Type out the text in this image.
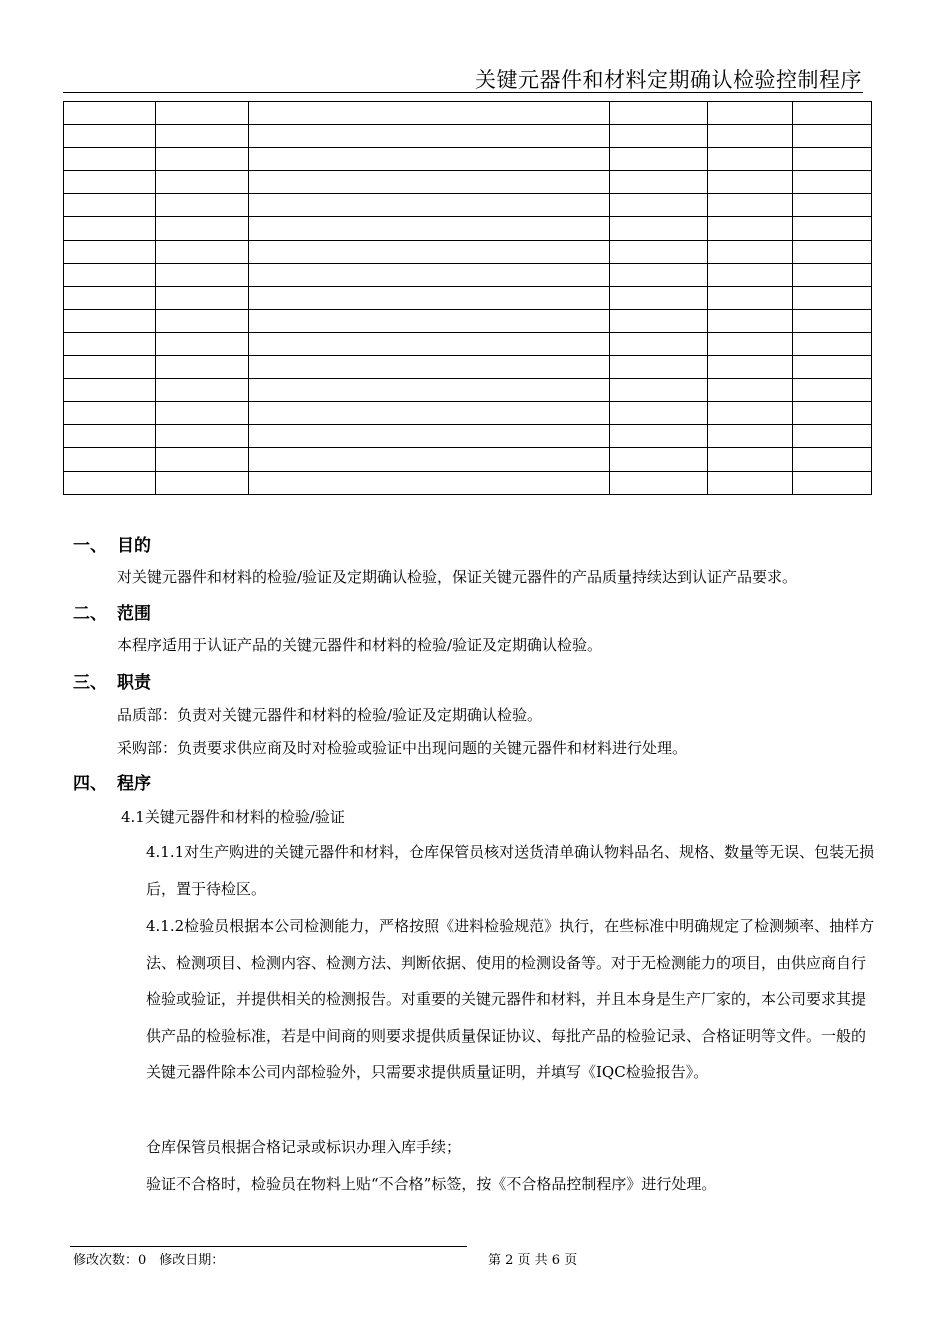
关键元器件和材料定期确认检验控制程序

一、 目的
对关键元器件和材料的检验/验证及定期确认检验，保证关键元器件的产品质量持续达到认证产品要求。
二、 范围
本程序适用于认证产品的关键元器件和材料的检验/验证及定期确认检验。
三、 职责
品质部：负责对关键元器件和材料的检验/验证及定期确认检验。
采购部：负责要求供应商及时对检验或验证中出现问题的关键元器件和材料进行处理。
四、 程序
4.1关键元器件和材料的检验/验证
4.1.1对生产购进的关键元器件和材料，仓库保管员核对送货清单确认物料品名、规格、数量等无误、包装无损后，置于待检区。
4.1.2检验员根据本公司检测能力，严格按照《进料检验规范》执行，在些标准中明确规定了检测频率、抽样方法、检测项目、检测内容、检测方法、判断依据、使用的检测设备等。对于无检测能力的项目，由供应商自行检验或验证，并提供相关的检测报告。对重要的关键元器件和材料，并且本身是生产厂家的，本公司要求其提供产品的检验标准，若是中间商的则要求提供质量保证协议、每批产品的检验记录、合格证明等文件。一般的关键元器件除本公司内部检验外，只需要求提供质量证明，并填写《IQC检验报告》。
仓库保管员根据合格记录或标识办理入库手续；
验证不合格时，检验员在物料上贴“不合格”标签，按《不合格品控制程序》进行处理。
修改次数：0　修改日期：	第 2 页 共 6 页
